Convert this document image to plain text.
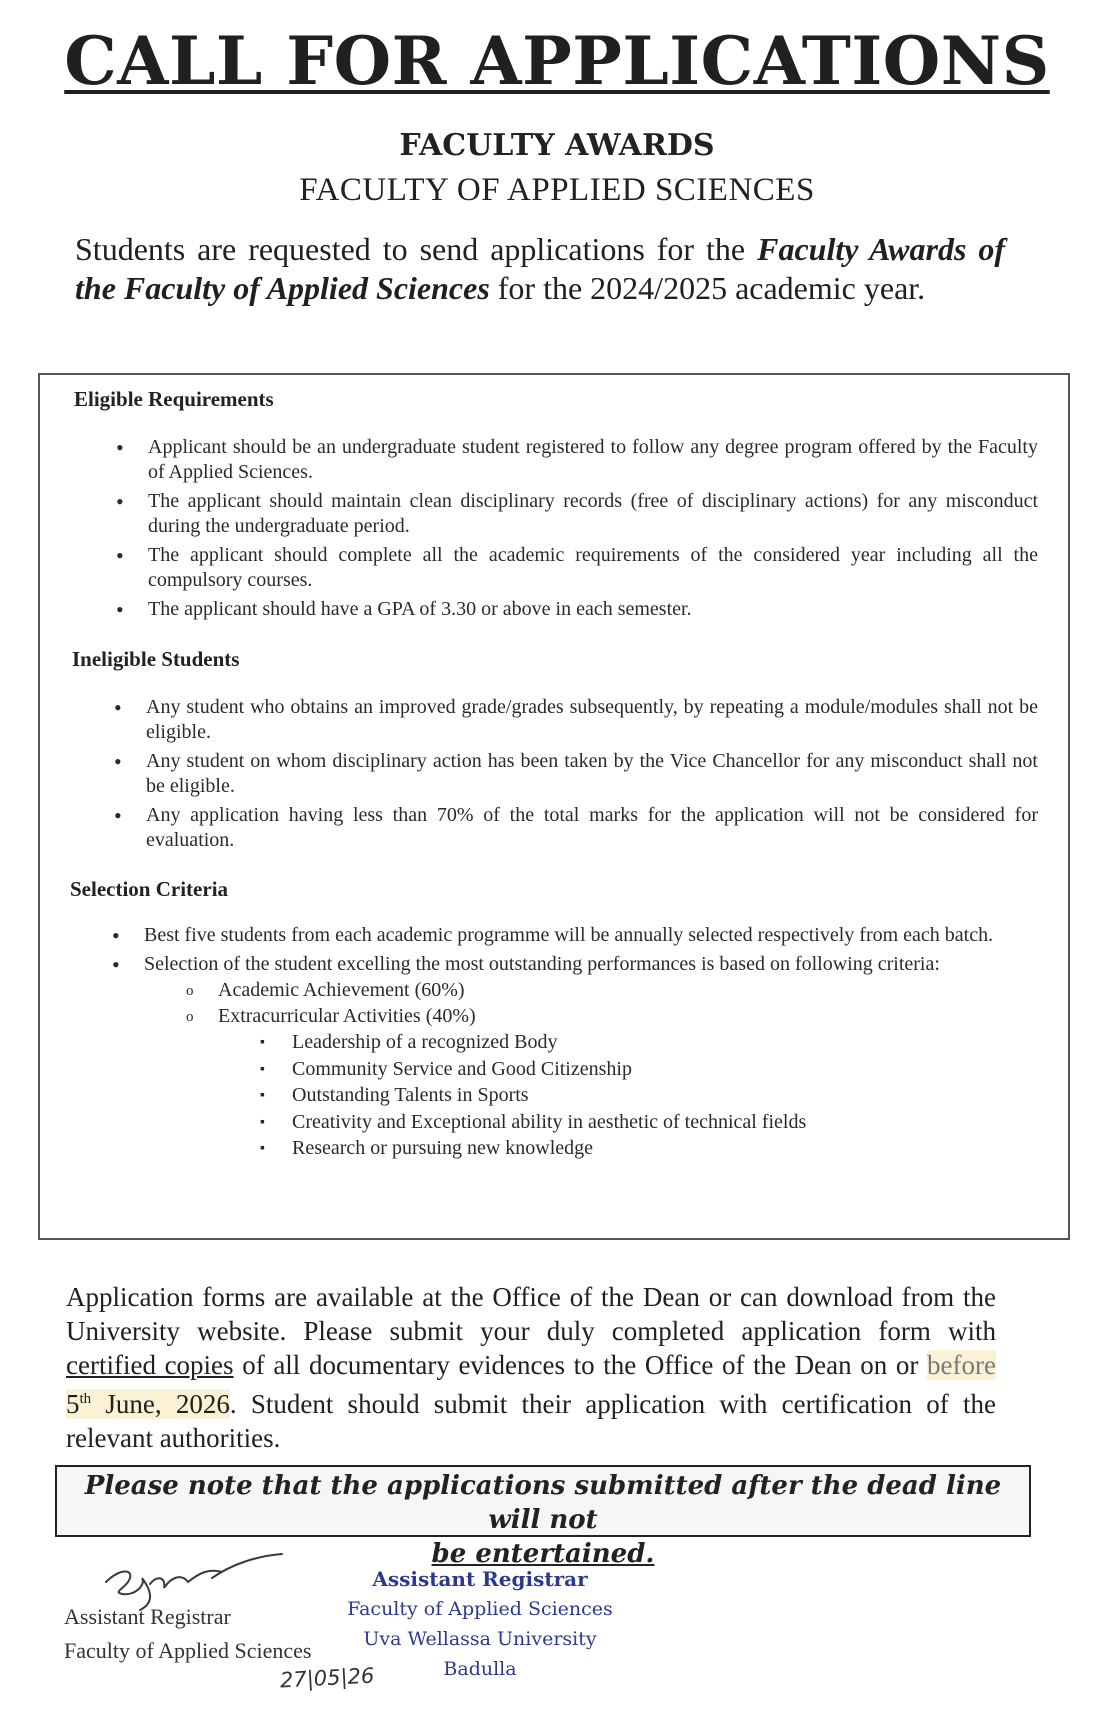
CALL FOR APPLICATIONS
FACULTY AWARDS
FACULTY OF APPLIED SCIENCES
Students are requested to send applications for the Faculty Awards of the Faculty of Applied Sciences for the 2024/2025 academic year.
Eligible Requirements
• Applicant should be an undergraduate student registered to follow any degree program offered by the Faculty of Applied Sciences.
• The applicant should maintain clean disciplinary records (free of disciplinary actions) for any misconduct during the undergraduate period.
• The applicant should complete all the academic requirements of the considered year including all the compulsory courses.
• The applicant should have a GPA of 3.30 or above in each semester.
Ineligible Students
• Any student who obtains an improved grade/grades subsequently, by repeating a module/modules shall not be eligible.
• Any student on whom disciplinary action has been taken by the Vice Chancellor for any misconduct shall not be eligible.
• Any application having less than 70% of the total marks for the application will not be considered for evaluation.
Selection Criteria
• Best five students from each academic programme will be annually selected respectively from each batch.
• Selection of the student excelling the most outstanding performances is based on following criteria:
o Academic Achievement (60%)
o Extracurricular Activities (40%)
▪ Leadership of a recognized Body
▪ Community Service and Good Citizenship
▪ Outstanding Talents in Sports
▪ Creativity and Exceptional ability in aesthetic of technical fields
▪ Research or pursuing new knowledge
Application forms are available at the Office of the Dean or can download from the University website. Please submit your duly completed application form with certified copies of all documentary evidences to the Office of the Dean on or before 5th June, 2026. Student should submit their application with certification of the relevant authorities.
Please note that the applications submitted after the dead line will not
be entertained.
Assistant Registrar
Faculty of Applied Sciences
27|05|26
Assistant Registrar
Faculty of Applied Sciences
Uva Wellassa University
Badulla
